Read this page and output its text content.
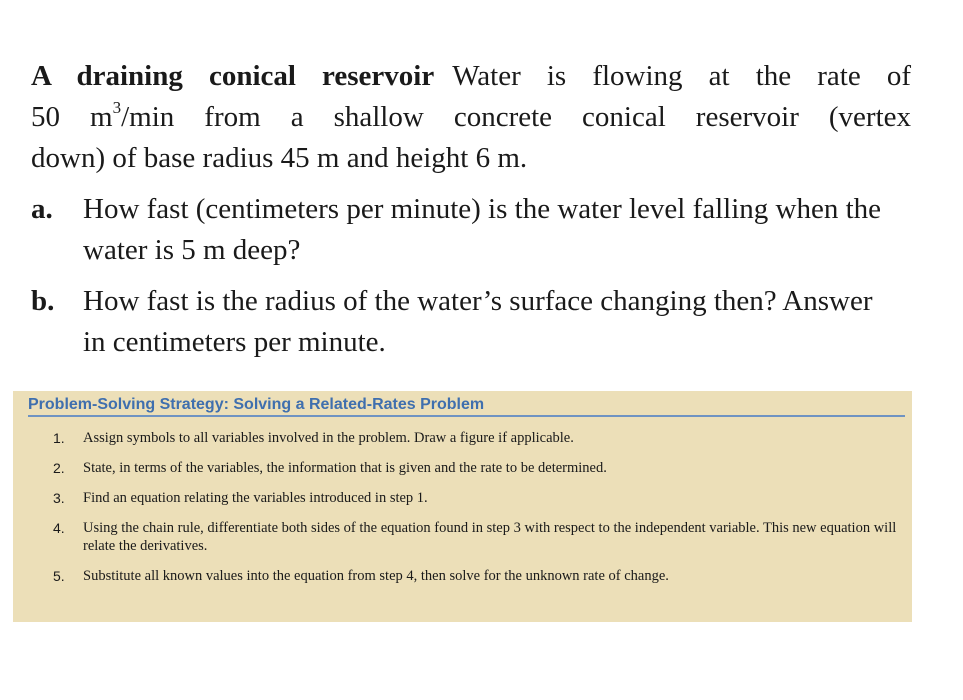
A draining conical reservoir Water is flowing at the rate of
50 $m^3/\min$ from a shallow concrete conical reservoir (vertex
down) of base radius 45 m and height 6 m.
a.	How fast (centimeters per minute) is the water level falling when the water is 5 m deep?
b. How fast is the radius of the water’s surface changing then? Answer in centimeters per minute.
Problem-Solving Strategy: Solving a Related-Rates Problem
1.	Assign symbols to all variables involved in the problem. Draw a figure if applicable.
2.	State, in terms of the variables, the information that is given and the rate to be determined.
3.	Find an equation relating the variables introduced in step 1.
4.	Using the chain rule, differentiate both sides of the equation found in step 3 with respect to the independent variable. This new equation will relate the derivatives.
5.	Substitute all known values into the equation from step 4, then solve for the unknown rate of change.
